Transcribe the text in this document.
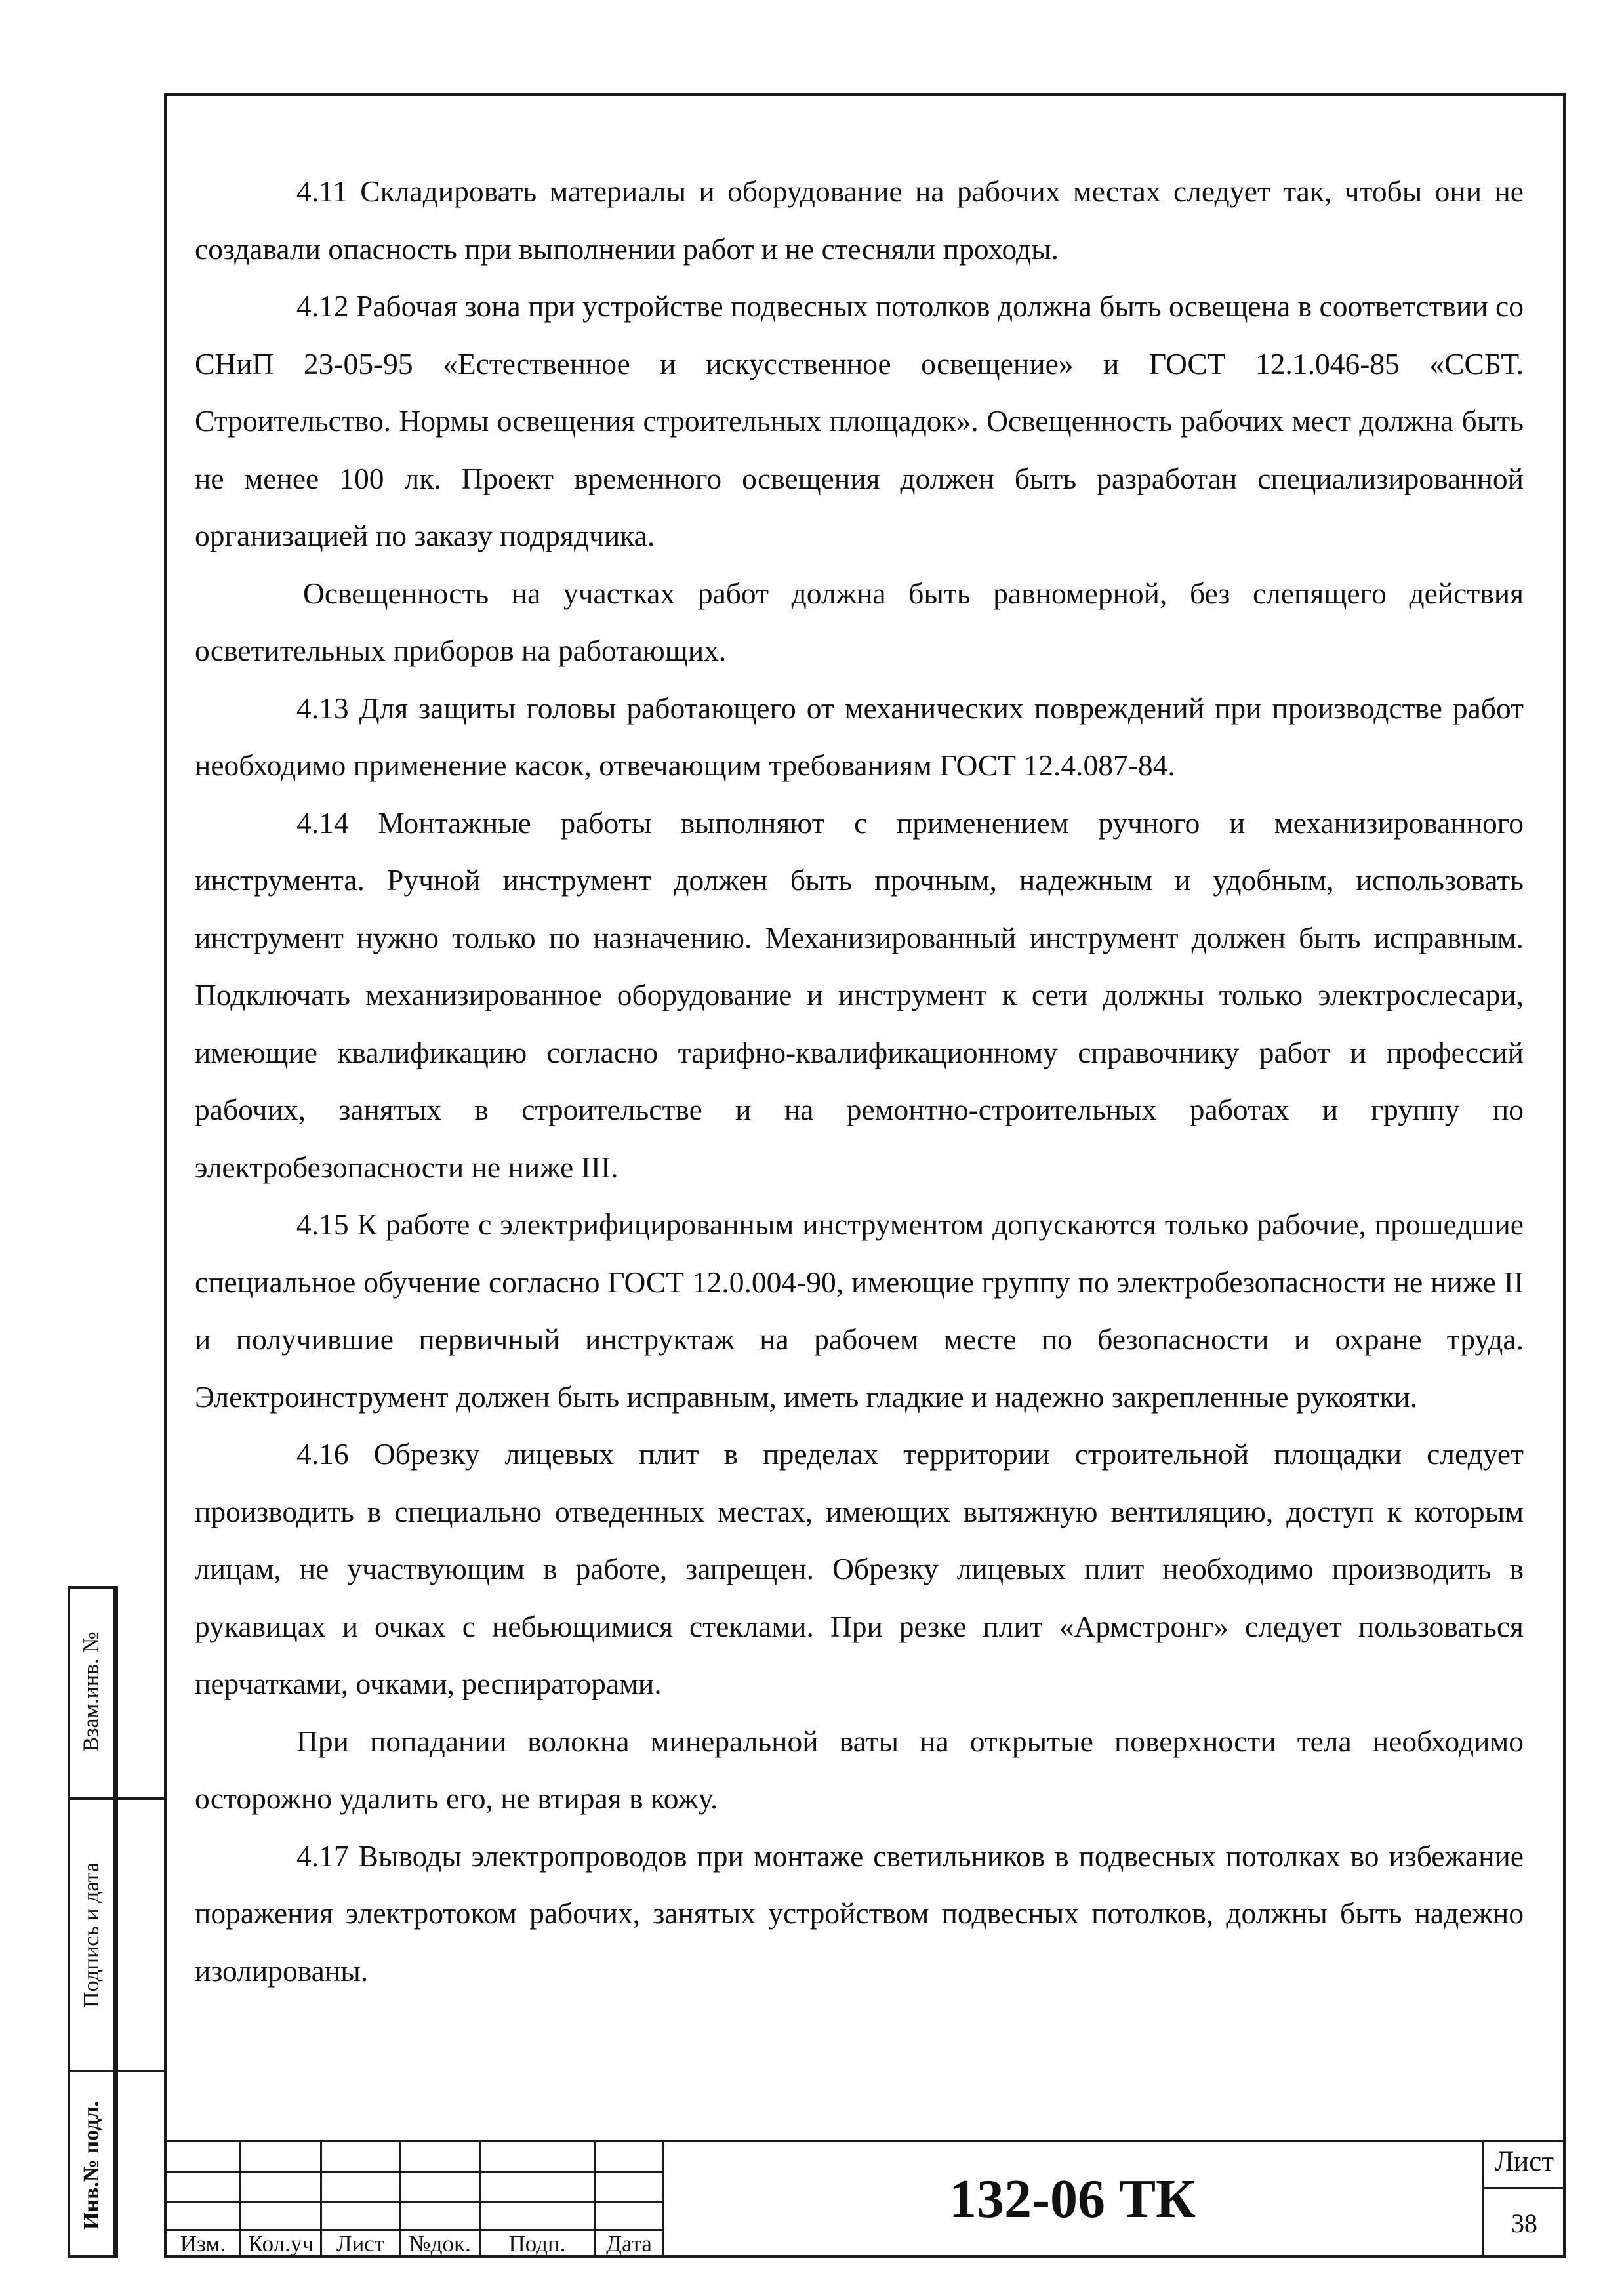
4.11 Складировать материалы и оборудование на рабочих местах следует так, чтобы они не создавали опасность при выполнении работ и не стесняли проходы.

4.12 Рабочая зона при устройстве подвесных потолков должна быть освещена в соответствии со СНиП 23-05-95 «Естественное и искусственное освещение» и ГОСТ 12.1.046-85 «ССБТ. Строительство. Нормы освещения строительных площадок». Освещенность рабочих мест должна быть не менее 100 лк. Проект временного освещения должен быть разработан специализированной организацией по заказу подрядчика.

Освещенность на участках работ должна быть равномерной, без слепящего действия осветительных приборов на работающих.

4.13 Для защиты головы работающего от механических повреждений при производстве работ необходимо применение касок, отвечающим требованиям ГОСТ 12.4.087-84.

4.14 Монтажные работы выполняют с применением ручного и механизированного инструмента. Ручной инструмент должен быть прочным, надежным и удобным, использовать инструмент нужно только по назначению. Механизированный инструмент должен быть исправным. Подключать механизированное оборудование и инструмент к сети должны только электрослесари, имеющие квалификацию согласно тарифно-квалификационному справочнику работ и профессий рабочих, занятых в строительстве и на ремонтно-строительных работах и группу по электробезопасности не ниже III.

4.15 К работе с электрифицированным инструментом допускаются только рабочие, прошедшие специальное обучение согласно ГОСТ 12.0.004-90, имеющие группу по электробезопасности не ниже II и получившие первичный инструктаж на рабочем месте по безопасности и охране труда. Электроинструмент должен быть исправным, иметь гладкие и надежно закрепленные рукоятки.

4.16 Обрезку лицевых плит в пределах территории строительной площадки следует производить в специально отведенных местах, имеющих вытяжную вентиляцию, доступ к которым лицам, не участвующим в работе, запрещен. Обрезку лицевых плит необходимо производить в рукавицах и очках с небьющимися стеклами. При резке плит «Армстронг» следует пользоваться перчатками, очками, респираторами.

При попадании волокна минеральной ваты на открытые поверхности тела необходимо осторожно удалить его, не втирая в кожу.

4.17 Выводы электропроводов при монтаже светильников в подвесных потолках во избежание поражения электротоком рабочих, занятых устройством подвесных потолков, должны быть надежно изолированы.

Взам.инв. №
Подпись и дата
Инв.№ подл.
Изм. Кол.уч Лист	№док.	Подп.	Дата
132-06 ТК
Лист
38
